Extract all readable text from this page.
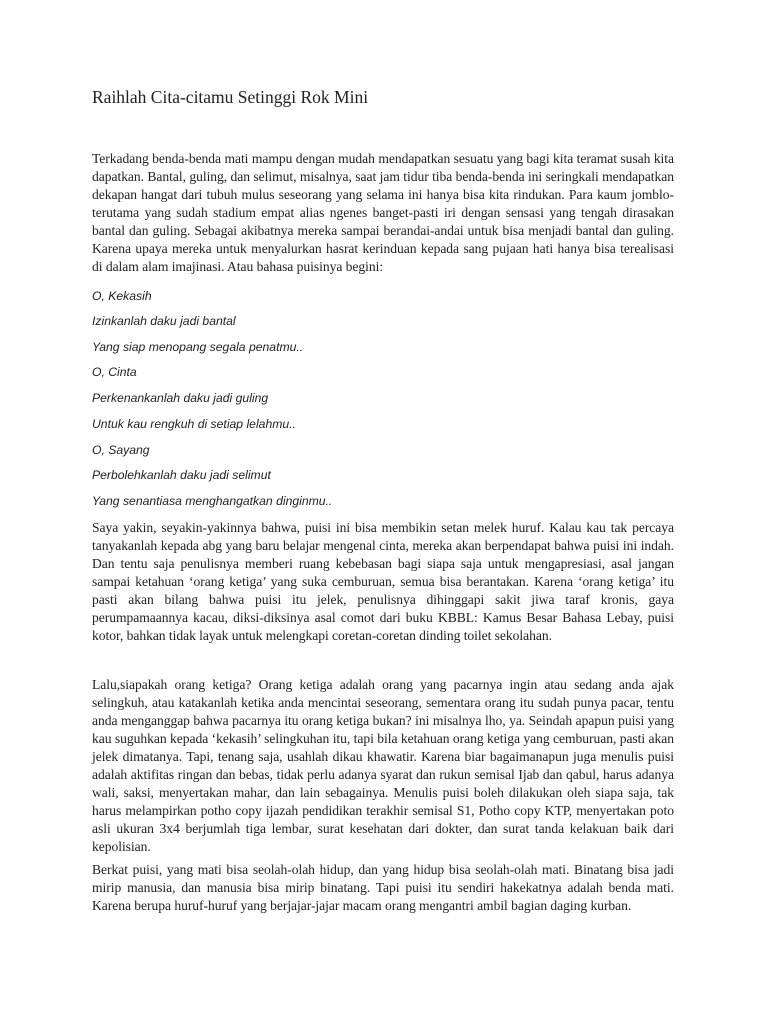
Raihlah Cita-citamu Setinggi Rok Mini

Terkadang benda-benda mati mampu dengan mudah mendapatkan sesuatu yang bagi kita teramat susah kita dapatkan. Bantal, guling, dan selimut, misalnya, saat jam tidur tiba benda-benda ini seringkali mendapatkan dekapan hangat dari tubuh mulus seseorang yang selama ini hanya bisa kita rindukan. Para kaum jomblo-terutama yang sudah stadium empat alias ngenes banget-pasti iri dengan sensasi yang tengah dirasakan bantal dan guling. Sebagai akibatnya mereka sampai berandai-andai untuk bisa menjadi bantal dan guling. Karena upaya mereka untuk menyalurkan hasrat kerinduan kepada sang pujaan hati hanya bisa terealisasi di dalam alam imajinasi. Atau bahasa puisinya begini:

O, Kekasih

Izinkanlah daku jadi bantal

Yang siap menopang segala penatmu..

O, Cinta

Perkenankanlah daku jadi guling

Untuk kau rengkuh di setiap lelahmu..

O, Sayang

Perbolehkanlah daku jadi selimut

Yang senantiasa menghangatkan dinginmu..

Saya yakin, seyakin-yakinnya bahwa, puisi ini bisa membikin setan melek huruf. Kalau kau tak percaya tanyakanlah kepada abg yang baru belajar mengenal cinta, mereka akan berpendapat bahwa puisi ini indah. Dan tentu saja penulisnya memberi ruang kebebasan bagi siapa saja untuk mengapresiasi, asal jangan sampai ketahuan ‘orang ketiga’ yang suka cemburuan, semua bisa berantakan. Karena ‘orang ketiga’ itu pasti akan bilang bahwa puisi itu jelek, penulisnya dihinggapi sakit jiwa taraf kronis, gaya perumpamaannya kacau, diksi-diksinya asal comot dari buku KBBL: Kamus Besar Bahasa Lebay, puisi kotor, bahkan tidak layak untuk melengkapi coretan-coretan dinding toilet sekolahan.

Lalu,siapakah orang ketiga? Orang ketiga adalah orang yang pacarnya ingin atau sedang anda ajak selingkuh, atau katakanlah ketika anda mencintai seseorang, sementara orang itu sudah punya pacar, tentu anda menganggap bahwa pacarnya itu orang ketiga bukan? ini misalnya lho, ya. Seindah apapun puisi yang kau suguhkan kepada ‘kekasih’ selingkuhan itu, tapi bila ketahuan orang ketiga yang cemburuan, pasti akan jelek dimatanya. Tapi, tenang saja, usahlah dikau khawatir. Karena biar bagaimanapun juga menulis puisi adalah aktifitas ringan dan bebas, tidak perlu adanya syarat dan rukun semisal Ijab dan qabul, harus adanya wali, saksi, menyertakan mahar, dan lain sebagainya. Menulis puisi boleh dilakukan oleh siapa saja, tak harus melampirkan potho copy ijazah pendidikan terakhir semisal S1, Potho copy KTP, menyertakan poto asli ukuran 3x4 berjumlah tiga lembar, surat kesehatan dari dokter, dan surat tanda kelakuan baik dari kepolisian.

Berkat puisi, yang mati bisa seolah-olah hidup, dan yang hidup bisa seolah-olah mati. Binatang bisa jadi mirip manusia, dan manusia bisa mirip binatang. Tapi puisi itu sendiri hakekatnya adalah benda mati. Karena berupa huruf-huruf yang berjajar-jajar macam orang mengantri ambil bagian daging kurban.
